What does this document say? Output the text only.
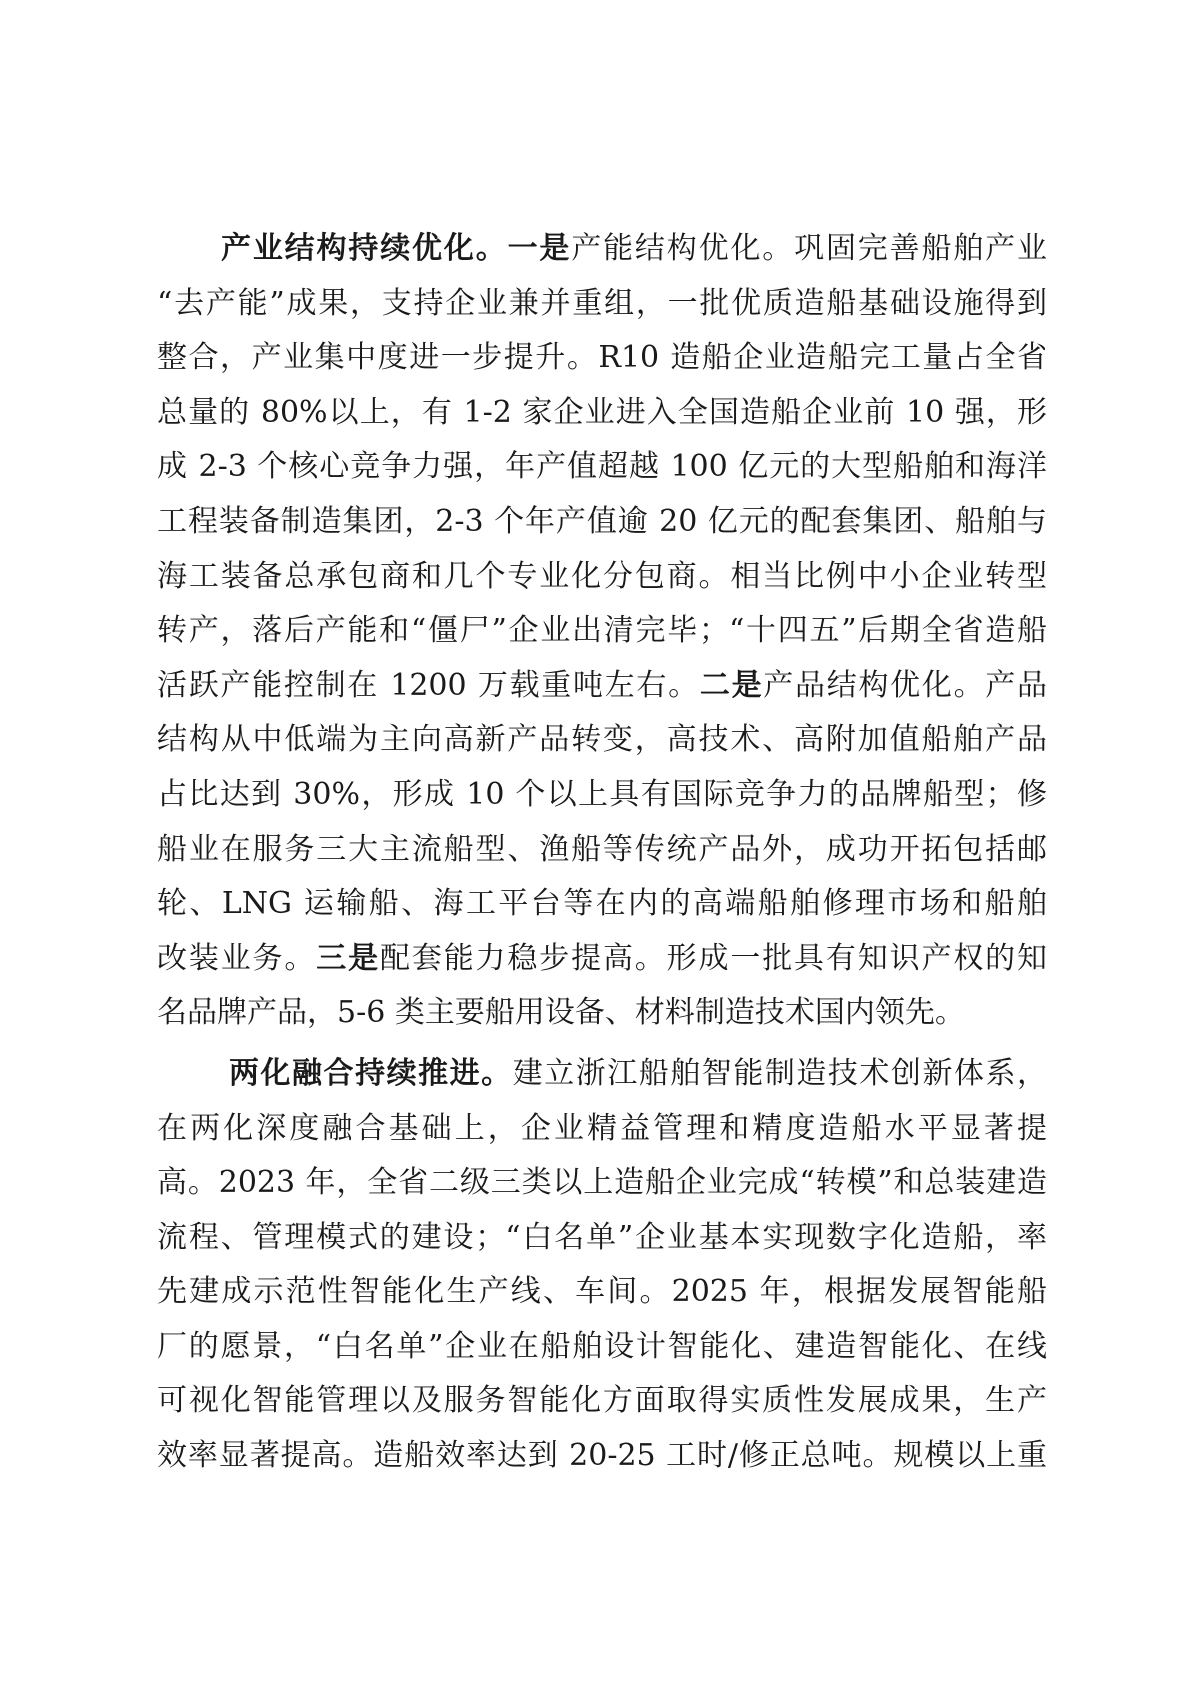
产业结构持续优化。一是产能结构优化。巩固完善船舶产业
“去产能”成果，支持企业兼并重组，一批优质造船基础设施得到
整合，产业集中度进一步提升。R10 造船企业造船完工量占全省
总量的 80%以上，有 1-2 家企业进入全国造船企业前 10 强，形
成 2-3 个核心竞争力强，年产值超越 100 亿元的大型船舶和海洋
工程装备制造集团，2-3 个年产值逾 20 亿元的配套集团、船舶与
海工装备总承包商和几个专业化分包商。相当比例中小企业转型
转产，落后产能和“僵尸”企业出清完毕；“十四五”后期全省造船
活跃产能控制在 1200 万载重吨左右。二是产品结构优化。产品
结构从中低端为主向高新产品转变，高技术、高附加值船舶产品
占比达到 30%，形成 10 个以上具有国际竞争力的品牌船型；修
船业在服务三大主流船型、渔船等传统产品外，成功开拓包括邮
轮、LNG 运输船、海工平台等在内的高端船舶修理市场和船舶
改装业务。三是配套能力稳步提高。形成一批具有知识产权的知
名品牌产品，5-6 类主要船用设备、材料制造技术国内领先。
两化融合持续推进。建立浙江船舶智能制造技术创新体系，
在两化深度融合基础上，企业精益管理和精度造船水平显著提
高。2023 年，全省二级三类以上造船企业完成“转模”和总装建造
流程、管理模式的建设；“白名单”企业基本实现数字化造船，率
先建成示范性智能化生产线、车间。2025 年，根据发展智能船
厂的愿景，“白名单”企业在船舶设计智能化、建造智能化、在线
可视化智能管理以及服务智能化方面取得实质性发展成果，生产
效率显著提高。造船效率达到 20-25 工时/修正总吨。规模以上重
